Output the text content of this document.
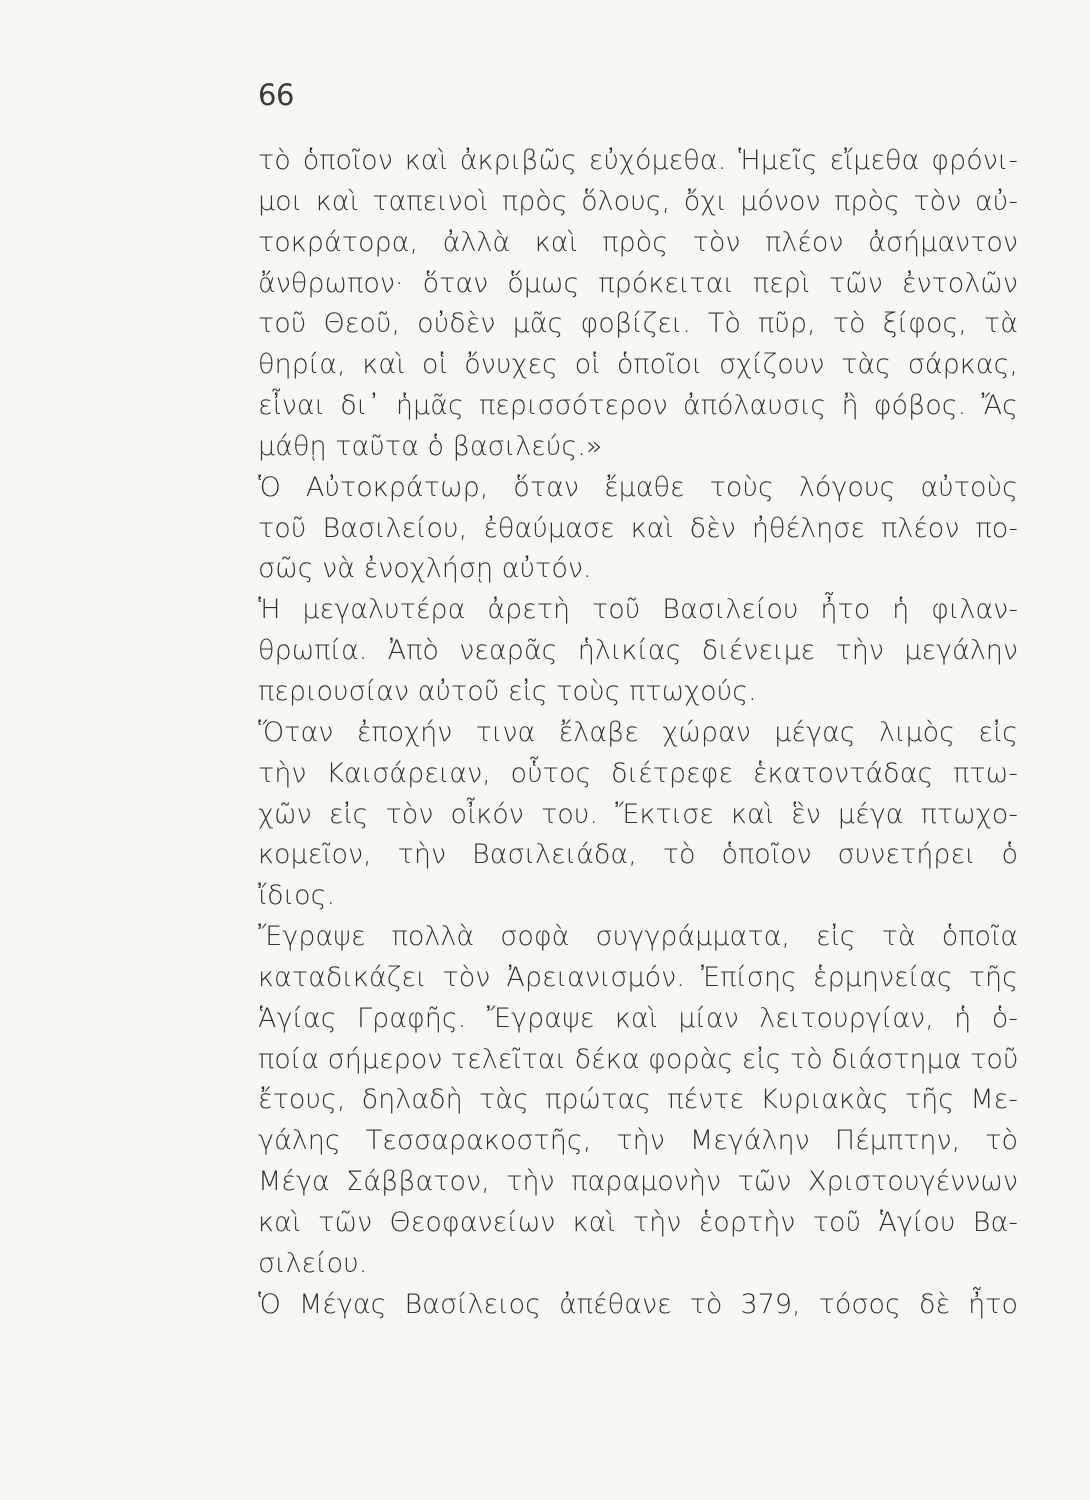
66
τὸ ὁποῖον καὶ ἀκριβῶς εὐχόμεθα. Ἡμεῖς εἴμεθα φρόνι-
μοι καὶ ταπεινοὶ πρὸς ὅλους, ὄχι μόνον πρὸς τὸν αὐ-
τοκράτορα, ἀλλὰ καὶ πρὸς τὸν πλέον ἀσήμαντον
ἄνθρωπον· ὅταν ὅμως πρόκειται περὶ τῶν ἐντολῶν
τοῦ Θεοῦ, οὐδὲν μᾶς φοβίζει. Τὸ πῦρ, τὸ ξίφος, τὰ
θηρία, καὶ οἱ ὄνυχες οἱ ὁποῖοι σχίζουν τὰς σάρκας,
εἶναι δι᾽ ἡμᾶς περισσότερον ἀπόλαυσις ἢ φόβος. Ἄς
μάθῃ ταῦτα ὁ βασιλεύς.»
Ὁ Αὐτοκράτωρ, ὅταν ἔμαθε τοὺς λόγους αὐτοὺς
τοῦ Βασιλείου, ἐθαύμασε καὶ δὲν ἠθέλησε πλέον πο-
σῶς νὰ ἐνοχλήσῃ αὐτόν.
Ἡ μεγαλυτέρα ἀρετὴ τοῦ Βασιλείου ἦτο ἡ φιλαν-
θρωπία. Ἀπὸ νεαρᾶς ἡλικίας διένειμε τὴν μεγάλην
περιουσίαν αὐτοῦ εἰς τοὺς πτωχούς.
Ὅταν ἐποχήν τινα ἔλαβε χώραν μέγας λιμὸς εἰς
τὴν Καισάρειαν, οὗτος διέτρεφε ἑκατοντάδας πτω-
χῶν εἰς τὸν οἶκόν του. Ἔκτισε καὶ ἓν μέγα πτωχο-
κομεῖον, τὴν Βασιλειάδα, τὸ ὁποῖον συνετήρει ὁ
ἴδιος.
Ἔγραψε πολλὰ σοφὰ συγγράμματα, εἰς τὰ ὁποῖα
καταδικάζει τὸν Ἀρειανισμόν. Ἐπίσης ἑρμηνείας τῆς
Ἁγίας Γραφῆς. Ἔγραψε καὶ μίαν λειτουργίαν, ἡ ὁ-
ποία σήμερον τελεῖται δέκα φορὰς εἰς τὸ διάστημα τοῦ
ἔτους, δηλαδὴ τὰς πρώτας πέντε Κυριακὰς τῆς Με-
γάλης Τεσσαρακοστῆς, τὴν Μεγάλην Πέμπτην, τὸ
Μέγα Σάββατον, τὴν παραμονὴν τῶν Χριστουγέννων
καὶ τῶν Θεοφανείων καὶ τὴν ἑορτὴν τοῦ Ἁγίου Βα-
σιλείου.
Ὁ Μέγας Βασίλειος ἀπέθανε τὸ 379, τόσος δὲ ἦτο
